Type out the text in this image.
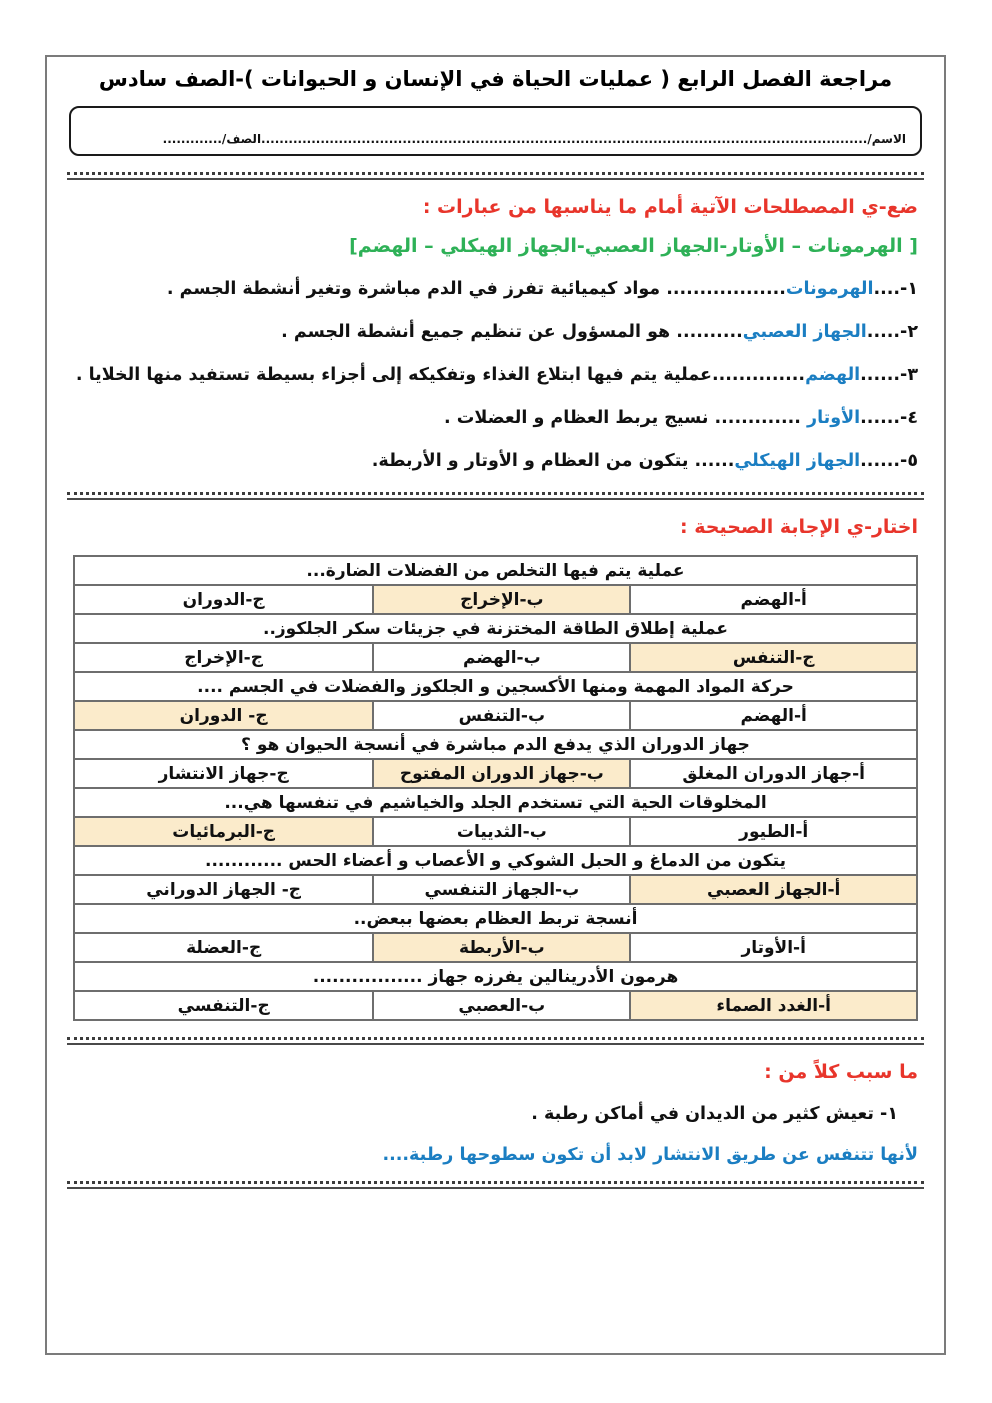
مراجعة الفصل الرابع ( عمليات الحياة في الإنسان و الحيوانات )-الصف سادس
الاسم/.....................................................................................................................................الصف/.............
ضع-ي المصطلحات الآتية أمام ما يناسبها من عبارات :
[ الهرمونات – الأوتار-الجهاز العصبي-الجهاز الهيكلي – الهضم]
١-....الهرمونات.................. مواد كيميائية تفرز في الدم مباشرة وتغير أنشطة الجسم .
٢-.....الجهاز العصبي.......... هو المسؤول عن تنظيم جميع أنشطة الجسم .
٣-......الهضم..............عملية يتم فيها ابتلاع الغذاء وتفكيكه إلى أجزاء بسيطة تستفيد منها الخلايا .
٤-......الأوتار ............. نسيج يربط العظام و العضلات .
٥-......الجهاز الهيكلي...... يتكون من العظام و الأوتار و الأربطة.
اختار-ي الإجابة الصحيحة :
عملية يتم فيها التخلص من الفضلات الضارة...		
أ-الهضم	ب-الإخراج	ج-الدوران
عملية إطلاق الطاقة المختزنة في جزيئات سكر الجلكوز..		
ج-التنفس	ب-الهضم	ج-الإخراج
حركة المواد المهمة ومنها الأكسجين و الجلكوز والفضلات في الجسم ....		
أ-الهضم	ب-التنفس	ج- الدوران
جهاز الدوران الذي يدفع الدم مباشرة في أنسجة الحيوان هو ؟		
أ-جهاز الدوران المغلق	ب-جهاز الدوران المفتوح	ج-جهاز الانتشار
المخلوقات الحية التي تستخدم الجلد والخياشيم في تنفسها هي...		
أ-الطيور	ب-الثدييات	ج-البرمائيات
يتكون من الدماغ و الحبل الشوكي و الأعصاب و أعضاء الحس ............		
أ-الجهاز العصبي	ب-الجهاز التنفسي	ج- الجهاز الدوراني
أنسجة تربط العظام بعضها ببعض..		
أ-الأوتار	ب-الأربطة	ج-العضلة
هرمون الأدرينالين يفرزه جهاز .................		
أ-الغدد الصماء	ب-العصبي	ج-التنفسي
ما سبب كلاً من :
١- تعيش كثير من الديدان في أماكن رطبة .
لأنها تتنفس عن طريق الانتشار لابد أن تكون سطوحها رطبة....
